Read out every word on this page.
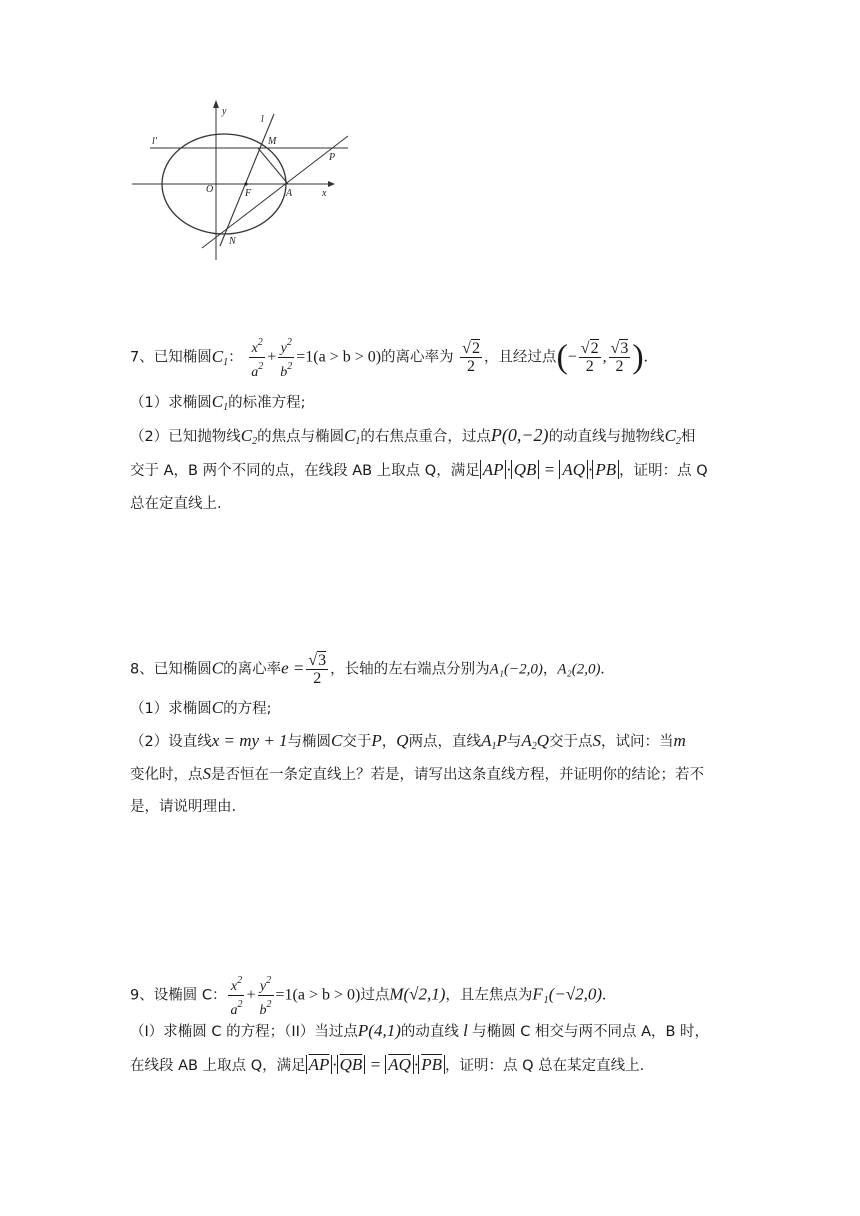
y
l
l'	M
P
O	F	A	x
N
7、已知椭圆$C_1$： $\frac{x^2}{a^2} + \frac{y^2}{b^2} =1(a > b > 0)$的离心率为 $\frac{√2}{2}$ ，且经过点(− $\frac{√2}{2}$ , $\frac{√3}{2}$ ).
（1）求椭圆$C_1$的标准方程;
（2）已知抛物线$C_2$的焦点与椭圆$C_1$的右焦点重合，过点P(0,−2)的动直线与抛物线$C_2$相
交于 A，B 两个不同的点，在线段 AB 上取点 Q，满足 AP · QB = AQ · PB ，证明：点 Q
总在定直线上.
8、已知椭圆C的离心率$e = \frac{√3}{2}$ ，长轴的左右端点分别为A₁(−2,0)，A₂(2,0).
（1）求椭圆C的方程;
（2）设直线x = my + 1与椭圆C交于P，Q两点，直线$A_1P$与$A_2Q$交于点S，试问：当m
变化时，点S是否恒在一条定直线上？若是，请写出这条直线方程，并证明你的结论；若不
是，请说明理由.
9、设椭圆 C： $\frac{x^2}{a^2} + \frac{y^2}{b^2} =1(a > b > 0)$过点M(√2,1)，且左焦点为F₁(−√2,0).
（I）求椭圆 C 的方程；（II）当过点P(4,1)的动直线 l 与椭圆 C 相交与两不同点 A，B 时，
在线段 AB 上取点 Q，满足 $\overline{AP} \cdot \overline{QB} = \overline{AQ} \cdot \overline{PB}$ ，证明：点 Q 总在某定直线上.
